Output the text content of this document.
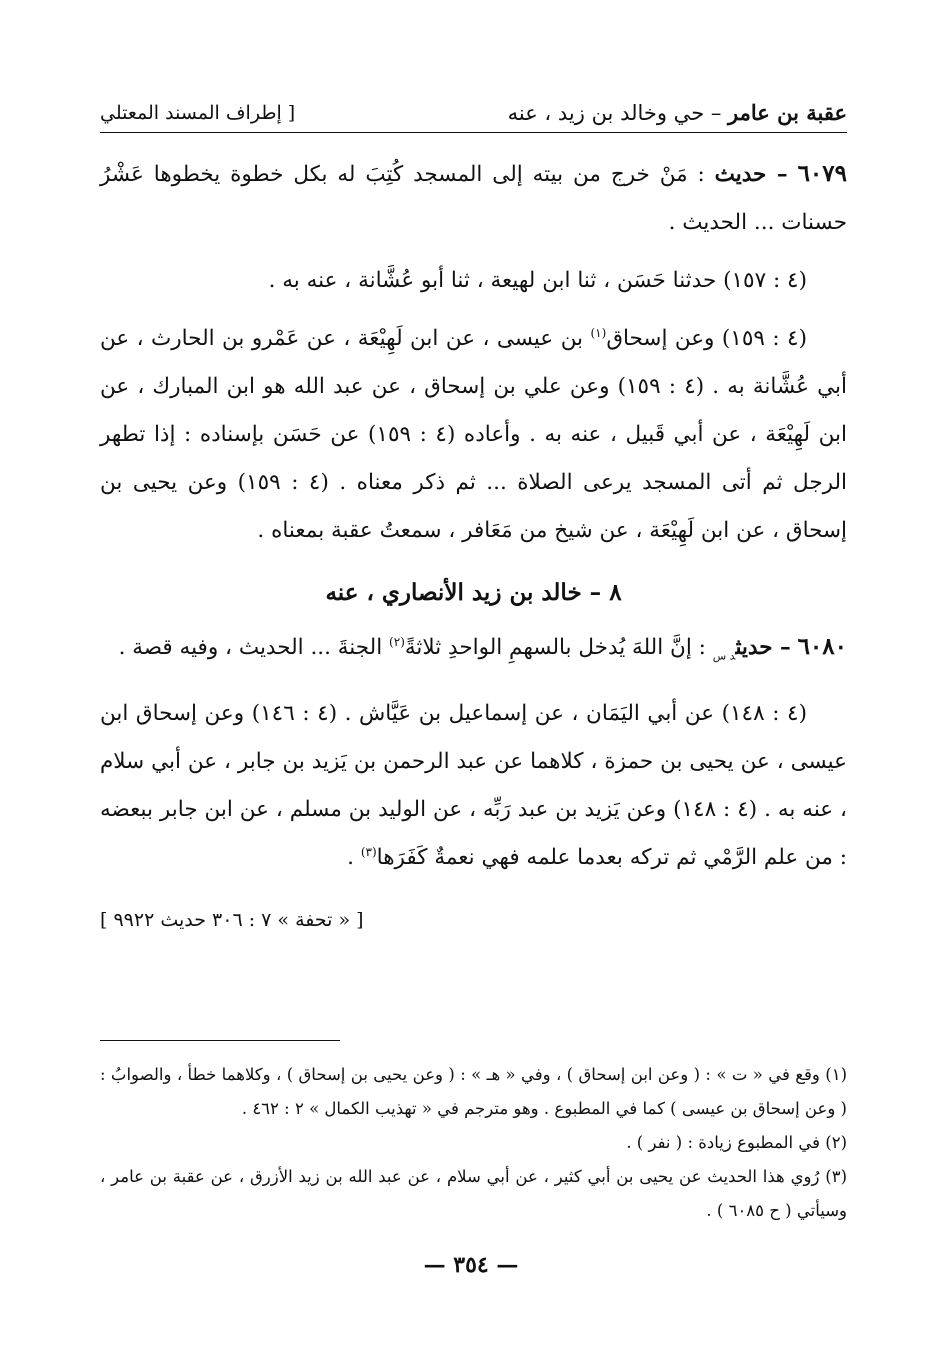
عقبة بن عامر – حي وخالد بن زيد ، عنه
[ إطراف المسند المعتلي

٦٠٧٩ – حديث : مَنْ خرج من بيته إلى المسجد كُتِبَ له بكل خطوة يخطوها عَشْرُ حسنات ... الحديث .

(٤ : ١٥٧) حدثنا حَسَن ، ثنا ابن لهيعة ، ثنا أبو عُشَّانة ، عنه به .

(٤ : ١٥٩) وعن إسحاق$^{(١)}$ بن عيسى ، عن ابن لَهِيْعَة ، عن عَمْرو بن الحارث ، عن أبي عُشَّانة به . (٤ : ١٥٩) وعن علي بن إسحاق ، عن عبد الله هو ابن المبارك ، عن ابن لَهِيْعَة ، عن أبي قَبيل ، عنه به . وأعاده (٤ : ١٥٩) عن حَسَن بإسناده : إذا تطهر الرجل ثم أتى المسجد يرعى الصلاة ... ثم ذكر معناه . (٤ : ١٥٩) وعن يحيى بن إسحاق ، عن ابن لَهِيْعَة ، عن شيخ من مَعَافر ، سمعتُ عقبة بمعناه .

٨ – خالد بن زيد الأنصاري ، عنه

٦٠٨٠ – حديث$_{د س}$ : إنَّ اللهَ يُدخل بالسهمِ الواحدِ ثلاثةً$^{(٢)}$ الجنةَ ... الحديث ، وفيه قصة .

(٤ : ١٤٨) عن أبي اليَمَان ، عن إسماعيل بن عَيَّاش . (٤ : ١٤٦) وعن إسحاق ابن عيسى ، عن يحيى بن حمزة ، كلاهما عن عبد الرحمن بن يَزيد بن جابر ، عن أبي سلام ، عنه به . (٤ : ١٤٨) وعن يَزيد بن عبد رَبِّه ، عن الوليد بن مسلم ، عن ابن جابر ببعضه : من علم الرَّمْي ثم تركه بعدما علمه فهي نعمةٌ كَفَرَها$^{(٣)}$ .

[ « تحفة » ٧ : ٣٠٦ حديث ٩٩٢٢ ]

(١) وقع في « ت » : ( وعن ابن إسحاق ) ، وفي « هـ » : ( وعن يحيى بن إسحاق ) ، وكلاهما خطأ ، والصوابُ : ( وعن إسحاق بن عيسى ) كما في المطبوع . وهو مترجم في « تهذيب الكمال » ٢ : ٤٦٢ .

(٢) في المطبوع زيادة : ( نفر ) .

(٣) رُوي هذا الحديث عن يحيى بن أبي كثير ، عن أبي سلام ، عن عبد الله بن زيد الأزرق ، عن عقبة بن عامر ، وسيأتي ( ح ٦٠٨٥ ) .

— ٣٥٤ —
